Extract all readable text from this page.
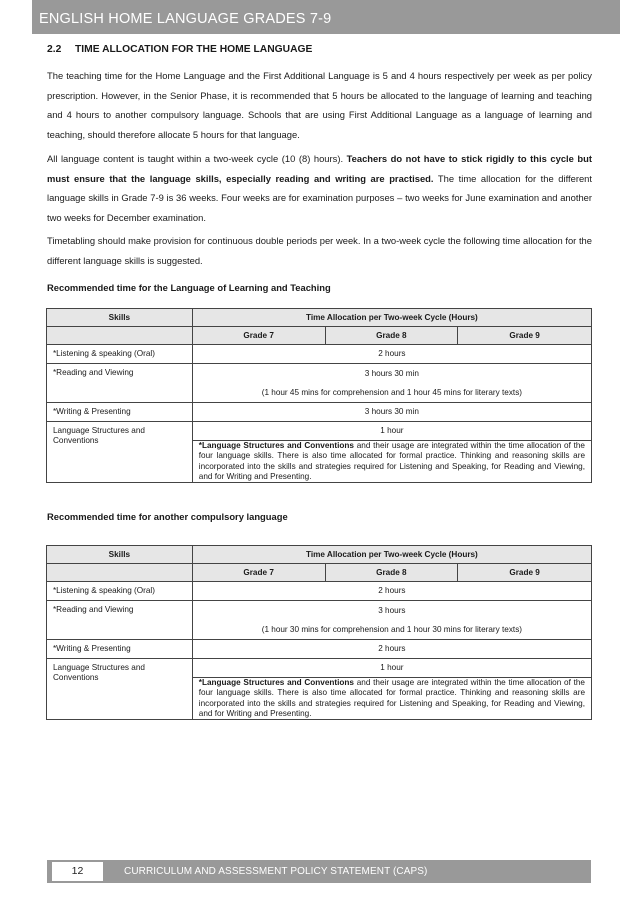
ENGLISH HOME LANGUAGE GRADES 7-9
2.2 TIME ALLOCATION FOR THE HOME LANGUAGE

The teaching time for the Home Language and the First Additional Language is 5 and 4 hours respectively per week as per policy prescription. However, in the Senior Phase, it is recommended that 5 hours be allocated to the language of learning and teaching and 4 hours to another compulsory language. Schools that are using First Additional Language as a language of learning and teaching, should therefore allocate 5 hours for that language.

All language content is taught within a two-week cycle (10 (8) hours). Teachers do not have to stick rigidly to this cycle but must ensure that the language skills, especially reading and writing are practised. The time allocation for the different language skills in Grade 7-9 is 36 weeks. Four weeks are for examination purposes – two weeks for June examination and another two weeks for December examination.

Timetabling should make provision for continuous double periods per week. In a two-week cycle the following time allocation for the different language skills is suggested.

Recommended time for the Language of Learning and Teaching
Skills	Time Allocation per Two-week Cycle (Hours)		
	Grade 7	Grade 8	Grade 9
*Listening & speaking (Oral)	2 hours		
*Reading and Viewing	3 hours 30 min
(1 hour 45 mins for comprehension and 1 hour 45 mins for literary texts)		

*Writing & Presenting	3 hours 30 min		
Language Structures and Conventions	1 hour		
	*Language Structures and Conventions and their usage are integrated within the time allocation of the four language skills. There is also time allocated for formal practice. Thinking and reasoning skills are incorporated into the skills and strategies required for Listening and Speaking, for Reading and Viewing, and for Writing and Presenting.		
Recommended time for another compulsory language
Skills	Time Allocation per Two-week Cycle (Hours)		
	Grade 7	Grade 8	Grade 9
*Listening & speaking (Oral)	2 hours		
*Reading and Viewing	3 hours
(1 hour 30 mins for comprehension and 1 hour 30 mins for literary texts)		

*Writing & Presenting	2 hours		
Language Structures and Conventions	1 hour		
	*Language Structures and Conventions and their usage are integrated within the time allocation of the four language skills. There is also time allocated for formal practice. Thinking and reasoning skills are incorporated into the skills and strategies required for Listening and Speaking, for Reading and Viewing, and for Writing and Presenting.		
12	CURRICULUM AND ASSESSMENT POLICY STATEMENT (CAPS)
